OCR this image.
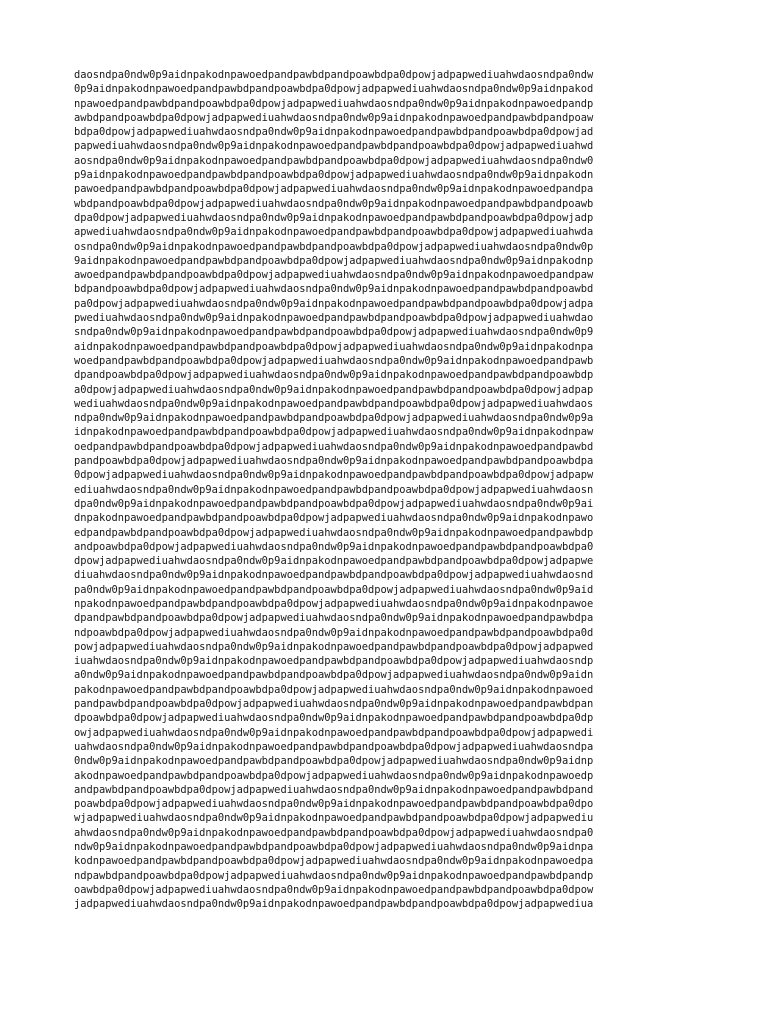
daosndpa0ndw0p9aidnpakodnpawoedpandpawbdpandpoawbdpa0dpowjadpapwediuahwdaosndpa0ndw
0p9aidnpakodnpawoedpandpawbdpandpoawbdpa0dpowjadpapwediuahwdaosndpa0ndw0p9aidnpakod
npawoedpandpawbdpandpoawbdpa0dpowjadpapwediuahwdaosndpa0ndw0p9aidnpakodnpawoedpandp
awbdpandpoawbdpa0dpowjadpapwediuahwdaosndpa0ndw0p9aidnpakodnpawoedpandpawbdpandpoaw
bdpa0dpowjadpapwediuahwdaosndpa0ndw0p9aidnpakodnpawoedpandpawbdpandpoawbdpa0dpowjad
papwediuahwdaosndpa0ndw0p9aidnpakodnpawoedpandpawbdpandpoawbdpa0dpowjadpapwediuahwd
aosndpa0ndw0p9aidnpakodnpawoedpandpawbdpandpoawbdpa0dpowjadpapwediuahwdaosndpa0ndw0
p9aidnpakodnpawoedpandpawbdpandpoawbdpa0dpowjadpapwediuahwdaosndpa0ndw0p9aidnpakodn
pawoedpandpawbdpandpoawbdpa0dpowjadpapwediuahwdaosndpa0ndw0p9aidnpakodnpawoedpandpa
wbdpandpoawbdpa0dpowjadpapwediuahwdaosndpa0ndw0p9aidnpakodnpawoedpandpawbdpandpoawb
dpa0dpowjadpapwediuahwdaosndpa0ndw0p9aidnpakodnpawoedpandpawbdpandpoawbdpa0dpowjadp
apwediuahwdaosndpa0ndw0p9aidnpakodnpawoedpandpawbdpandpoawbdpa0dpowjadpapwediuahwda
osndpa0ndw0p9aidnpakodnpawoedpandpawbdpandpoawbdpa0dpowjadpapwediuahwdaosndpa0ndw0p
9aidnpakodnpawoedpandpawbdpandpoawbdpa0dpowjadpapwediuahwdaosndpa0ndw0p9aidnpakodnp
awoedpandpawbdpandpoawbdpa0dpowjadpapwediuahwdaosndpa0ndw0p9aidnpakodnpawoedpandpaw
bdpandpoawbdpa0dpowjadpapwediuahwdaosndpa0ndw0p9aidnpakodnpawoedpandpawbdpandpoawbd
pa0dpowjadpapwediuahwdaosndpa0ndw0p9aidnpakodnpawoedpandpawbdpandpoawbdpa0dpowjadpa
pwediuahwdaosndpa0ndw0p9aidnpakodnpawoedpandpawbdpandpoawbdpa0dpowjadpapwediuahwdao
sndpa0ndw0p9aidnpakodnpawoedpandpawbdpandpoawbdpa0dpowjadpapwediuahwdaosndpa0ndw0p9
aidnpakodnpawoedpandpawbdpandpoawbdpa0dpowjadpapwediuahwdaosndpa0ndw0p9aidnpakodnpa
woedpandpawbdpandpoawbdpa0dpowjadpapwediuahwdaosndpa0ndw0p9aidnpakodnpawoedpandpawb
dpandpoawbdpa0dpowjadpapwediuahwdaosndpa0ndw0p9aidnpakodnpawoedpandpawbdpandpoawbdp
a0dpowjadpapwediuahwdaosndpa0ndw0p9aidnpakodnpawoedpandpawbdpandpoawbdpa0dpowjadpap
wediuahwdaosndpa0ndw0p9aidnpakodnpawoedpandpawbdpandpoawbdpa0dpowjadpapwediuahwdaos
ndpa0ndw0p9aidnpakodnpawoedpandpawbdpandpoawbdpa0dpowjadpapwediuahwdaosndpa0ndw0p9a
idnpakodnpawoedpandpawbdpandpoawbdpa0dpowjadpapwediuahwdaosndpa0ndw0p9aidnpakodnpaw
oedpandpawbdpandpoawbdpa0dpowjadpapwediuahwdaosndpa0ndw0p9aidnpakodnpawoedpandpawbd
pandpoawbdpa0dpowjadpapwediuahwdaosndpa0ndw0p9aidnpakodnpawoedpandpawbdpandpoawbdpa
0dpowjadpapwediuahwdaosndpa0ndw0p9aidnpakodnpawoedpandpawbdpandpoawbdpa0dpowjadpapw
ediuahwdaosndpa0ndw0p9aidnpakodnpawoedpandpawbdpandpoawbdpa0dpowjadpapwediuahwdaosn
dpa0ndw0p9aidnpakodnpawoedpandpawbdpandpoawbdpa0dpowjadpapwediuahwdaosndpa0ndw0p9ai
dnpakodnpawoedpandpawbdpandpoawbdpa0dpowjadpapwediuahwdaosndpa0ndw0p9aidnpakodnpawo
edpandpawbdpandpoawbdpa0dpowjadpapwediuahwdaosndpa0ndw0p9aidnpakodnpawoedpandpawbdp
andpoawbdpa0dpowjadpapwediuahwdaosndpa0ndw0p9aidnpakodnpawoedpandpawbdpandpoawbdpa0
dpowjadpapwediuahwdaosndpa0ndw0p9aidnpakodnpawoedpandpawbdpandpoawbdpa0dpowjadpapwe
diuahwdaosndpa0ndw0p9aidnpakodnpawoedpandpawbdpandpoawbdpa0dpowjadpapwediuahwdaosnd
pa0ndw0p9aidnpakodnpawoedpandpawbdpandpoawbdpa0dpowjadpapwediuahwdaosndpa0ndw0p9aid
npakodnpawoedpandpawbdpandpoawbdpa0dpowjadpapwediuahwdaosndpa0ndw0p9aidnpakodnpawoe
dpandpawbdpandpoawbdpa0dpowjadpapwediuahwdaosndpa0ndw0p9aidnpakodnpawoedpandpawbdpa
ndpoawbdpa0dpowjadpapwediuahwdaosndpa0ndw0p9aidnpakodnpawoedpandpawbdpandpoawbdpa0d
powjadpapwediuahwdaosndpa0ndw0p9aidnpakodnpawoedpandpawbdpandpoawbdpa0dpowjadpapwed
iuahwdaosndpa0ndw0p9aidnpakodnpawoedpandpawbdpandpoawbdpa0dpowjadpapwediuahwdaosndp
a0ndw0p9aidnpakodnpawoedpandpawbdpandpoawbdpa0dpowjadpapwediuahwdaosndpa0ndw0p9aidn
pakodnpawoedpandpawbdpandpoawbdpa0dpowjadpapwediuahwdaosndpa0ndw0p9aidnpakodnpawoed
pandpawbdpandpoawbdpa0dpowjadpapwediuahwdaosndpa0ndw0p9aidnpakodnpawoedpandpawbdpan
dpoawbdpa0dpowjadpapwediuahwdaosndpa0ndw0p9aidnpakodnpawoedpandpawbdpandpoawbdpa0dp
owjadpapwediuahwdaosndpa0ndw0p9aidnpakodnpawoedpandpawbdpandpoawbdpa0dpowjadpapwedi
uahwdaosndpa0ndw0p9aidnpakodnpawoedpandpawbdpandpoawbdpa0dpowjadpapwediuahwdaosndpa
0ndw0p9aidnpakodnpawoedpandpawbdpandpoawbdpa0dpowjadpapwediuahwdaosndpa0ndw0p9aidnp
akodnpawoedpandpawbdpandpoawbdpa0dpowjadpapwediuahwdaosndpa0ndw0p9aidnpakodnpawoedp
andpawbdpandpoawbdpa0dpowjadpapwediuahwdaosndpa0ndw0p9aidnpakodnpawoedpandpawbdpand
poawbdpa0dpowjadpapwediuahwdaosndpa0ndw0p9aidnpakodnpawoedpandpawbdpandpoawbdpa0dpo
wjadpapwediuahwdaosndpa0ndw0p9aidnpakodnpawoedpandpawbdpandpoawbdpa0dpowjadpapwediu
ahwdaosndpa0ndw0p9aidnpakodnpawoedpandpawbdpandpoawbdpa0dpowjadpapwediuahwdaosndpa0
ndw0p9aidnpakodnpawoedpandpawbdpandpoawbdpa0dpowjadpapwediuahwdaosndpa0ndw0p9aidnpa
kodnpawoedpandpawbdpandpoawbdpa0dpowjadpapwediuahwdaosndpa0ndw0p9aidnpakodnpawoedpa
ndpawbdpandpoawbdpa0dpowjadpapwediuahwdaosndpa0ndw0p9aidnpakodnpawoedpandpawbdpandp
oawbdpa0dpowjadpapwediuahwdaosndpa0ndw0p9aidnpakodnpawoedpandpawbdpandpoawbdpa0dpow
jadpapwediuahwdaosndpa0ndw0p9aidnpakodnpawoedpandpawbdpandpoawbdpa0dpowjadpapwediua
